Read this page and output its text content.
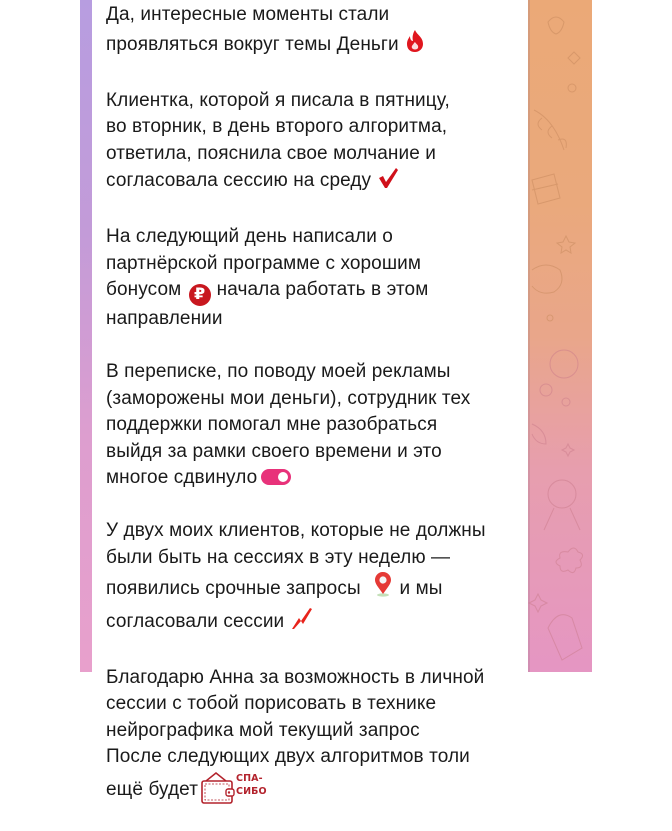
Да, интересные моменты стали
проявляться вокруг темы Деньги

Клиентка, которой я писала в пятницу,
во вторник, в день второго алгоритма,
ответила, пояснила свое молчание и
согласовала сессию на среду

На следующий день написали о
партнёрской программе с хорошим
бонусом ₽ начала работать в этом
направлении

В переписке, по поводу моей рекламы
(заморожены мои деньги), сотрудник тех
поддержки помогал мне разобраться
выйдя за рамки своего времени и это
многое сдвинуло

У двух моих клиентов, которые не должны
были быть на сессиях в эту неделю —
появились срочные запросы и мы
согласовали сессии

Благодарю Анна за возможность в личной
сессии с тобой порисовать в технике
нейрографика мой текущий запрос
После следующих двух алгоритмов толи
ещё будет
СПА-
СИБО
